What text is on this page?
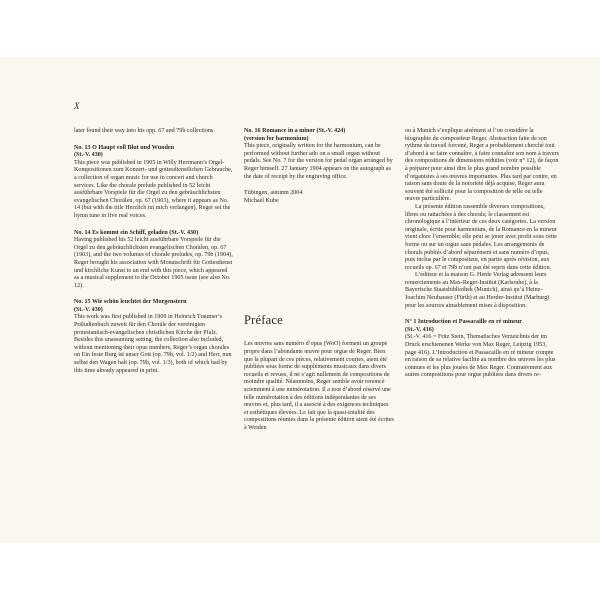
X

later found their way into his opp. 67 and 79b collections.

No. 13 O Haupt voll Blut und Wunden

(St.-V. 430)

This piece was published in 1905 in Willy Herrmann’s Orgel-Kompositionen zum Konzert- und gottesdienstlichen Gebrauche, a collection of organ music for use in concert and church services. Like the chorale prelude published in 52 leicht ausführbare Vorspiele für die Orgel zu den gebräuchlichsten evangelischen Chorälen, op. 67 (1903), where it appears as No. 14 (but with the title Herzlich tut mich verlangen), Reger set the hymn tune in five real voices.

No. 14 Es kommt ein Schiff, geladen (St.-V. 430)

Having published his 52 leicht ausführbare Vorspiele für die Orgel zu den gebräuchlichsten evangelischen Chorälen, op. 67 (1903), and the two volumes of chorale preludes, op. 79b (1904), Reger brought his association with Monatschrift für Gottesdienst und kirchliche Kunst to an end with this piece, which appeared as a musical supplement to the October 1905 issue (see also No. 12).

No. 15 Wie schön leuchtet der Morgenstern

(St.-V. 430)

This work was first published in 1909 in Heinrich Traumer’s Präludienbuch zuweit für den Choräle der vereinigten protestantisch-evangelischen christlichen Kirche der Pfalz. Besides this unassuming setting, the collection also included, without mentioning their opus numbers, Reger’s organ chorales on Ein feste Burg ist unser Gott (op. 79b, vol. 1/2) and Herr, nun selbst den Wagen halt (op. 79b, vol. 1/3), both of which had by this time already appeared in print.

No. 16 Romance in a minor (St.-V. 424)

(version for harmonium)

This piece, originally written for the harmonium, can be performed without further ado on a small organ without pedals. See No. 7 for the version for pedal organ arranged by Reger himself. 27 January 1904 appears on the autograph as the date of receipt by the engraving office.

Tübingen, autumn 2004

Michael Kube

Préface

Les œuvres sans numéro d’opus (WoO) forment un groupe propre dans l’abondante œuvre pour orgue de Reger. Bien que la plupart de ces pièces, relativement courtes, aient été publiées sous forme de suppléments musicaux dans divers recueils et revues, il ne s’agit nullement de compositions de moindre qualité. Néanmoins, Reger semble avoir renoncé sciemment à une numérotation. Il a tout d’abord réservé une telle numérotation à des éditions indépendantes de ses œuvres et, plus tard, il a associé à des exigences techniques et esthétiques élevées. Le fait que la quasi-totalité des compositions réunies dans la présente édition aient été écrites à Weiden

ou à Munich s’explique aisément si l’on considère la biographie du compositeur Reger. Abstraction faite de son rythme de travail forcené, Reger a probablement cherché tout d’abord à se faire connaître, à faire connaître son nom à travers des compositions de dimensions réduites (voir n° 12), de façon à préparer pour ainsi dire le plus grand nombre possible d’organistes à ses œuvres importantes. Plus tard par contre, en raison sans doute de la notoriété déjà acquise, Reger aura souvent été sollicité pour la composition de telle ou telle œuvre particulière.

La présente édition rassemble diverses compositions, libres ou rattachées à des chorals; le classement est chronologique à l’intérieur de ces deux catégories. La version originale, écrite pour harmonium, de la Romance en la mineur vient clore l’ensemble; elle peut se jouer avec profit sous cette forme ou sur un orgue sans pédales. Les arrangements de chorals publiés d’abord séparément et sans numéro d’opus, puis inclus par le compositeur, en partie après révision, aux recueils op. 67 et 79b n’ont pas été repris dans cette édition.

L’éditeur et la maison G. Henle Verlag adressent leurs remerciements au Max-Reger-Institut (Karlsruhe), à la Bayerische Staatsbibliothek (Munich), ainsi qu’à Heinz-Joachim Neuhauser (Fürth) et au Herder-Institut (Marburg) pour les sources aimablement mises à disposition.

N° 1 Introduction et Passacaille en ré mineur

(St.-V. 416)

(St.-V. 416 = Fritz Stein, Thematisches Verzeichnis der im Druck erschienenen Werke von Max Reger, Leipzig 1953, page 416). L’Introduction et Passacaille en ré mineur compte en raison de sa relative facilité au nombre des œuvres les plus connues et les plus jouées de Max Reger. Contrairement aux autres compositions pour orgue publiées dans divers re-
